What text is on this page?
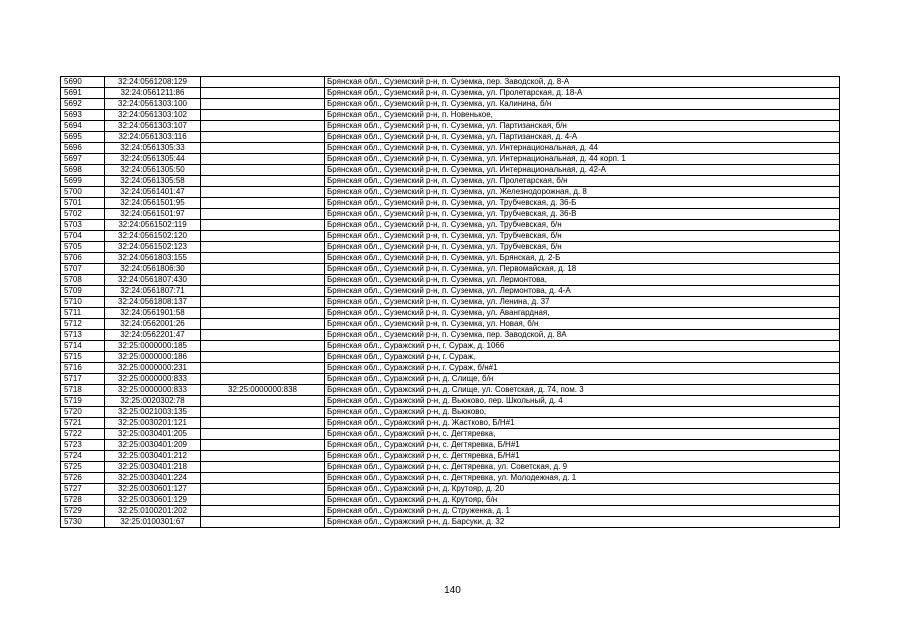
5690	32:24:0561208:129		Брянская обл., Суземский р-н, п. Суземка, пер. Заводской, д. 8-А
5691	32:24:0561211:86		Брянская обл., Суземский р-н, п. Суземка, ул. Пролетарская, д. 18-А
5692	32:24:0561303:100		Брянская обл., Суземский р-н, п. Суземка, ул. Калинина, б/н
5693	32:24:0561303:102		Брянская обл., Суземский р-н, п. Новенькое,
5694	32:24:0561303:107		Брянская обл., Суземский р-н, п. Суземка, ул. Партизанская, б/н
5695	32:24:0561303:116		Брянская обл., Суземский р-н, п. Суземка, ул. Партизанская, д. 4-А
5696	32:24:0561305:33		Брянская обл., Суземский р-н, п. Суземка, ул. Интернациональная, д. 44
5697	32:24:0561305:44		Брянская обл., Суземский р-н, п. Суземка, ул. Интернациональная, д. 44 корп. 1
5698	32:24:0561305:50		Брянская обл., Суземский р-н, п. Суземка, ул. Интернациональная, д. 42-А
5699	32:24:0561305:58		Брянская обл., Суземский р-н, п. Суземка, ул. Пролетарская, б/н
5700	32:24:0561401:47		Брянская обл., Суземский р-н, п. Суземка, ул. Железнодорожная, д. 8
5701	32:24:0561501:95		Брянская обл., Суземский р-н, п. Суземка, ул. Трубчевская, д. 36-Б
5702	32:24:0561501:97		Брянская обл., Суземский р-н, п. Суземка, ул. Трубчевская, д. 36-В
5703	32:24:0561502:119		Брянская обл., Суземский р-н, п. Суземка, ул. Трубчевская, б/н
5704	32:24:0561502:120		Брянская обл., Суземский р-н, п. Суземка, ул. Трубчевская, б/н
5705	32:24:0561502:123		Брянская обл., Суземский р-н, п. Суземка, ул. Трубчевская, б/н
5706	32:24:0561803:155		Брянская обл., Суземский р-н, п. Суземка, ул. Брянская, д. 2-Б
5707	32:24:0561806:30		Брянская обл., Суземский р-н, п. Суземка, ул. Первомайская, д. 18
5708	32:24:0561807:430		Брянская обл., Суземский р-н, п. Суземка, ул. Лермонтова,
5709	32:24:0561807:71		Брянская обл., Суземский р-н, п. Суземка, ул. Лермонтова, д. 4-А
5710	32:24:0561808:137		Брянская обл., Суземский р-н, п. Суземка, ул. Ленина, д. 37
5711	32:24:0561901:58		Брянская обл., Суземский р-н, п. Суземка, ул. Авангардная,
5712	32:24:0562001:26		Брянская обл., Суземский р-н, п. Суземка, ул. Новая, б/н
5713	32:24:0562201:47		Брянская обл., Суземский р-н, п. Суземка, пер. Заводской, д. 8А
5714	32:25:0000000:185		Брянская обл., Суражский р-н, г. Сураж, д. 1066
5715	32:25:0000000:186		Брянская обл., Суражский р-н, г. Сураж,
5716	32:25:0000000:231		Брянская обл., Суражский р-н, г. Сураж, б/н#1
5717	32:25:0000000:833		Брянская обл., Суражский р-н, д. Слище, б/н
5718	32:25:0000000:833	32:25:0000000:838	Брянская обл., Суражский р-н, д. Слище, ул. Советская, д. 74, пом. 3
5719	32:25:0020302:78		Брянская обл., Суражский р-н, д. Вьюково, пер. Школьный, д. 4
5720	32:25:0021003:135		Брянская обл., Суражский р-н, д. Вьюково,
5721	32:25:0030201:121		Брянская обл., Суражский р-н, д. Жастково, Б/Н#1
5722	32:25:0030401:205		Брянская обл., Суражский р-н, с. Дегтяревка,
5723	32:25:0030401:209		Брянская обл., Суражский р-н, с. Дегтяревка, Б/Н#1
5724	32:25:0030401:212		Брянская обл., Суражский р-н, с. Дегтяревка, Б/Н#1
5725	32:25:0030401:218		Брянская обл., Суражский р-н, с. Дегтяревка, ул. Советская, д. 9
5726	32:25:0030401:224		Брянская обл., Суражский р-н, с. Дегтяревка, ул. Молодежная, д. 1
5727	32:25:0030601:127		Брянская обл., Суражский р-н, д. Крутояр, д. 20
5728	32:25:0030601:129		Брянская обл., Суражский р-н, д. Крутояр, б/н
5729	32:25:0100201:202		Брянская обл., Суражский р-н, д. Струженка, д. 1
5730	32:25:0100301:67		Брянская обл., Суражский р-н, д. Барсуки, д. 32
140
